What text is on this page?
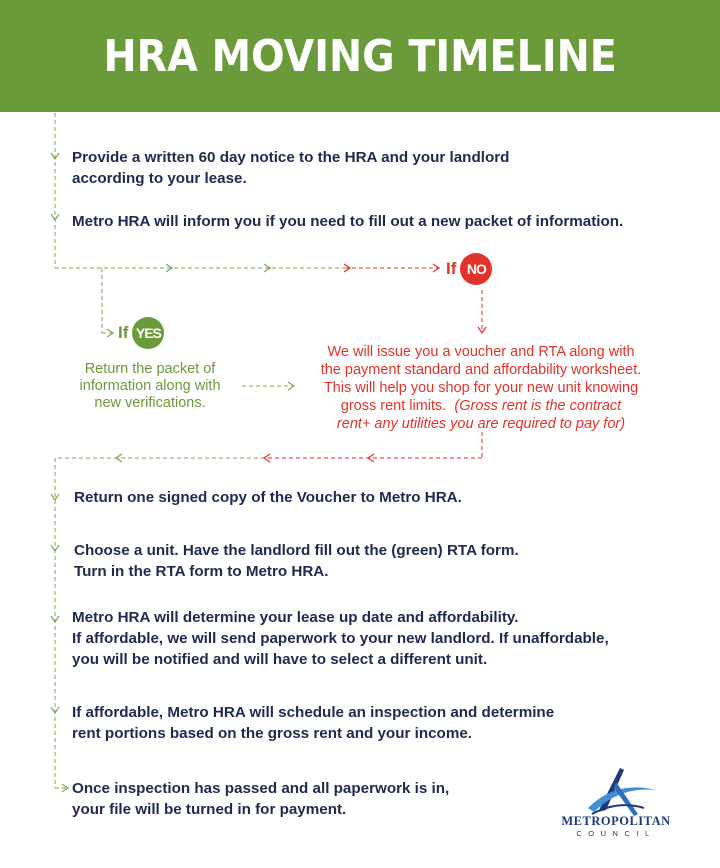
HRA MOVING TIMELINE
Provide a written 60 day notice to the HRA and your landlord
according to your lease.
Metro HRA will inform you if you need to fill out a new packet of information.
If NO
If YES
Return the packet of
information along with
new verifications.
We will issue you a voucher and RTA along with
the payment standard and affordability worksheet.
This will help you shop for your new unit knowing
gross rent limits. (Gross rent is the contract
rent+ any utilities you are required to pay for)
Return one signed copy of the Voucher to Metro HRA.
Choose a unit. Have the landlord fill out the (green) RTA form.
Turn in the RTA form to Metro HRA.
Metro HRA will determine your lease up date and affordability.
If affordable, we will send paperwork to your new landlord. If unaffordable,
you will be notified and will have to select a different unit.
If affordable, Metro HRA will schedule an inspection and determine
rent portions based on the gross rent and your income.
Once inspection has passed and all paperwork is in,
your file will be turned in for payment.
METROPOLITAN
COUNCIL
